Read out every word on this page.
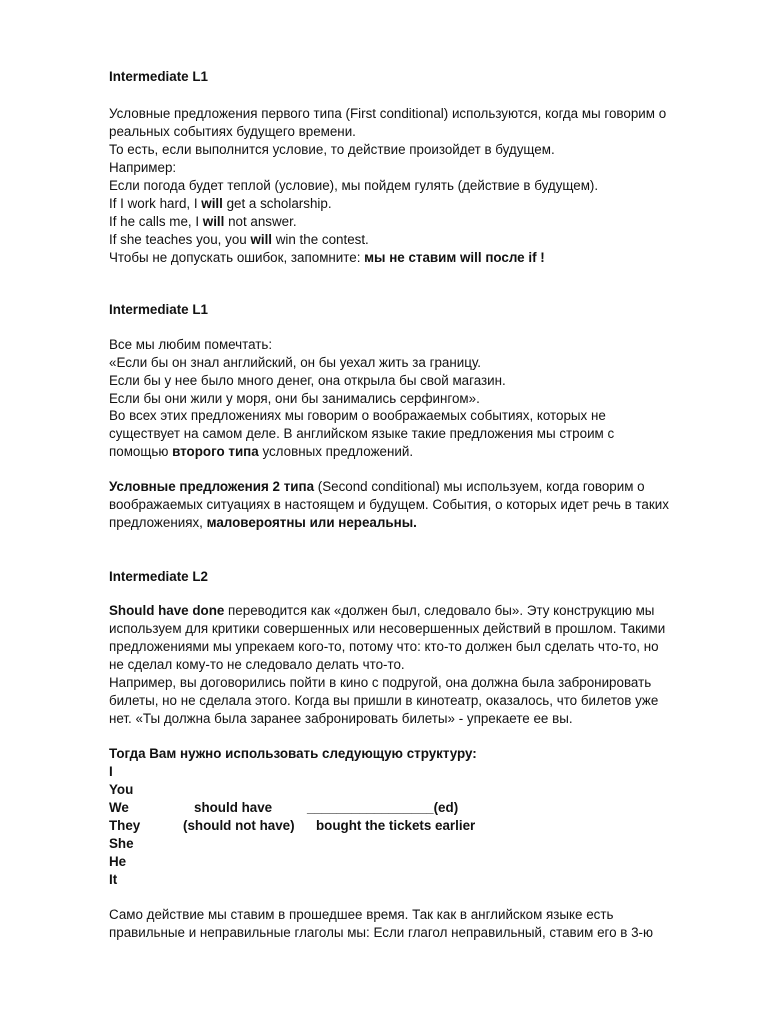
Intermediate L1
Условные предложения первого типа (First conditional) используются, когда мы говорим о
реальных событиях будущего времени.
То есть, если выполнится условие, то действие произойдет в будущем.
Например:
Если погода будет теплой (условие), мы пойдем гулять (действие в будущем).
If I work hard, I will get a scholarship.
If he calls me, I will not answer.
If she teaches you, you will win the contest.
Чтобы не допускать ошибок, запомните: мы не ставим will после if !
Intermediate L1
Все мы любим помечтать:
«Если бы он знал английский, он бы уехал жить за границу.
Если бы у нее было много денег, она открыла бы свой магазин.
Если бы они жили у моря, они бы занимались серфингом».
Во всех этих предложениях мы говорим о воображаемых событиях, которых не
существует на самом деле. В английском языке такие предложения мы строим с
помощью второго типа условных предложений.
Условные предложения 2 типа (Second conditional) мы используем, когда говорим о
воображаемых ситуациях в настоящем и будущем. События, о которых идет речь в таких
предложениях, маловероятны или нереальны.
Intermediate L2
Should have done переводится как «должен был, следовало бы». Эту конструкцию мы
используем для критики совершенных или несовершенных действий в прошлом. Такими
предложениями мы упрекаем кого-то, потому что: кто-то должен был сделать что-то, но
не сделал кому-то не следовало делать что-то.
Например, вы договорились пойти в кино с подругой, она должна была забронировать
билеты, но не сделала этого. Когда вы пришли в кинотеатр, оказалось, что билетов уже
нет. «Ты должна была заранее забронировать билеты» - упрекаете ее вы.
Тогда Вам нужно использовать следующую структуру:
I
You
We
They
She
He
It
should have	_________________(ed)
(should not have) bought the tickets earlier
Само действие мы ставим в прошедшее время. Так как в английском языке есть
правильные и неправильные глаголы мы: Если глагол неправильный, ставим его в 3-ю
